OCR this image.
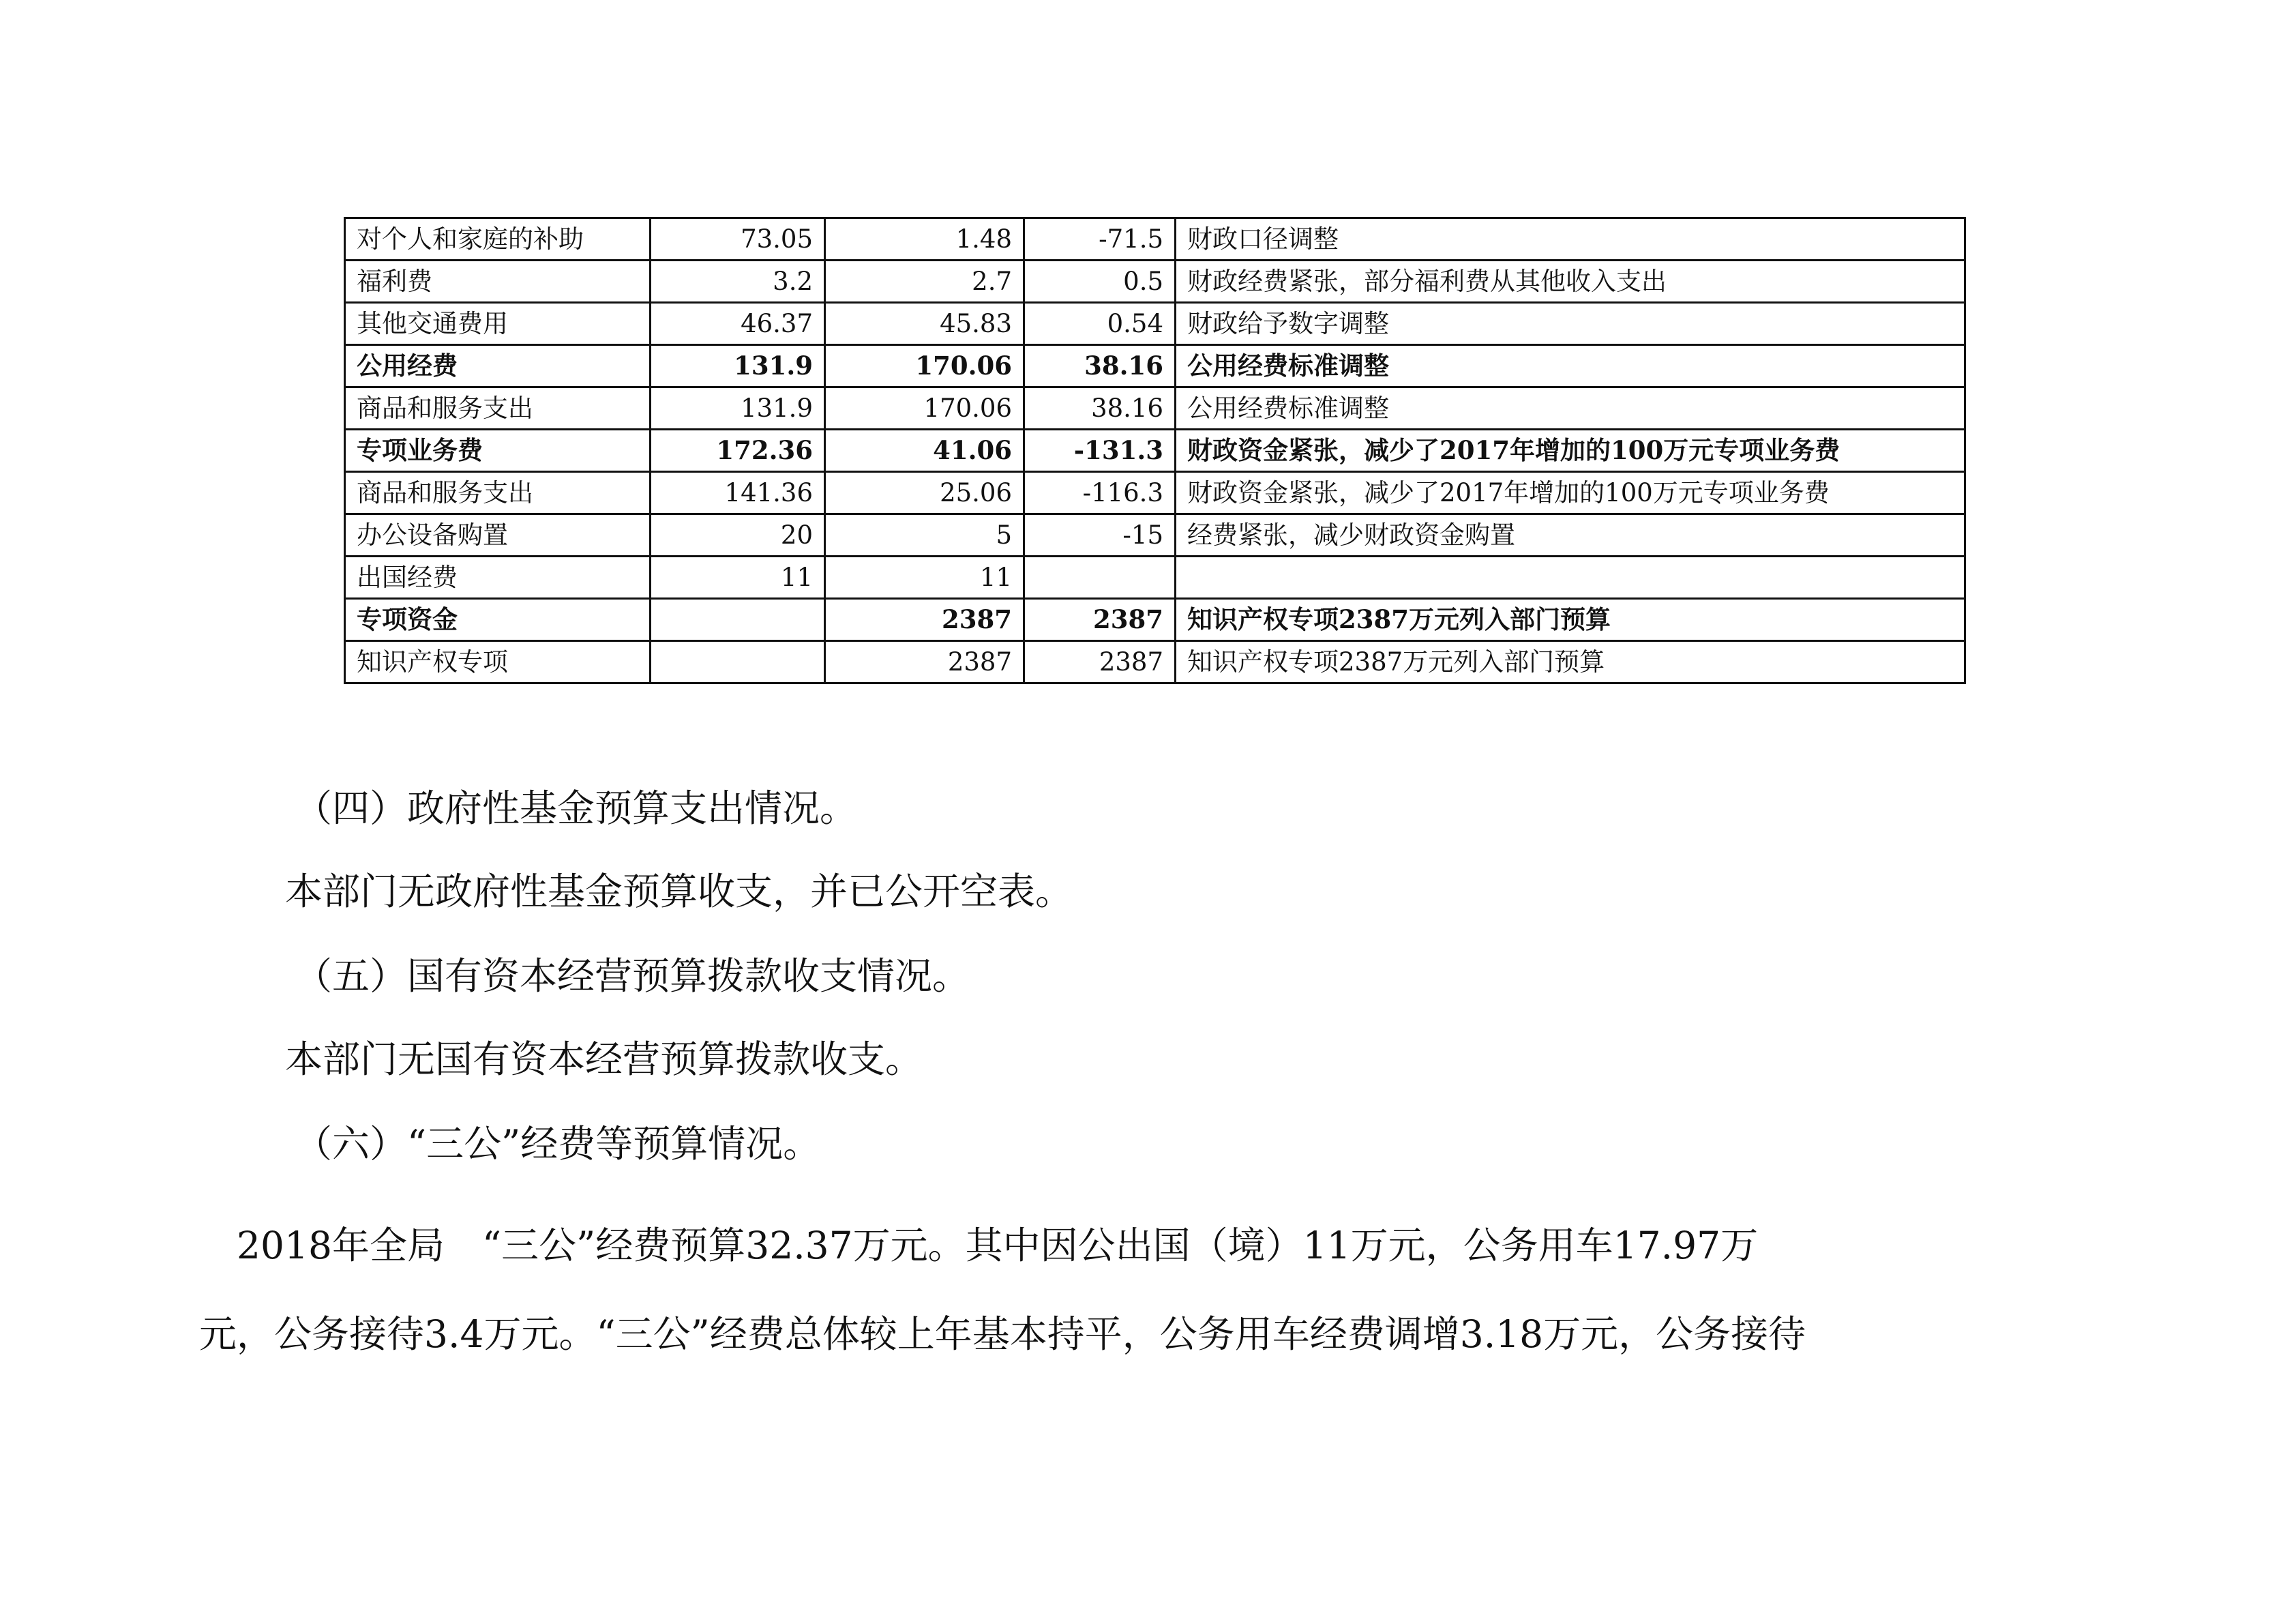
对个人和家庭的补助	73.05	1.48	-71.5	财政口径调整
福利费	3.2	2.7	0.5	财政经费紧张，部分福利费从其他收入支出
其他交通费用	46.37	45.83	0.54	财政给予数字调整
公用经费	131.9	170.06	38.16	公用经费标准调整
商品和服务支出	131.9	170.06	38.16	公用经费标准调整
专项业务费	172.36	41.06	-131.3	财政资金紧张，减少了2017年增加的100万元专项业务费
商品和服务支出	141.36	25.06	-116.3	财政资金紧张，减少了2017年增加的100万元专项业务费
办公设备购置	20	5	-15	经费紧张，减少财政资金购置
出国经费	11	11		
专项资金		2387	2387	知识产权专项2387万元列入部门预算
知识产权专项		2387	2387	知识产权专项2387万元列入部门预算
（四）政府性基金预算支出情况。
本部门无政府性基金预算收支，并已公开空表。
（五）国有资本经营预算拨款收支情况。
本部门无国有资本经营预算拨款收支。
（六）“三公”经费等预算情况。
　2018年全局　“三公”经费预算32.37万元。其中因公出国（境）11万元，公务用车17.97万
元，公务接待3.4万元。“三公”经费总体较上年基本持平，公务用车经费调增3.18万元，公务接待
